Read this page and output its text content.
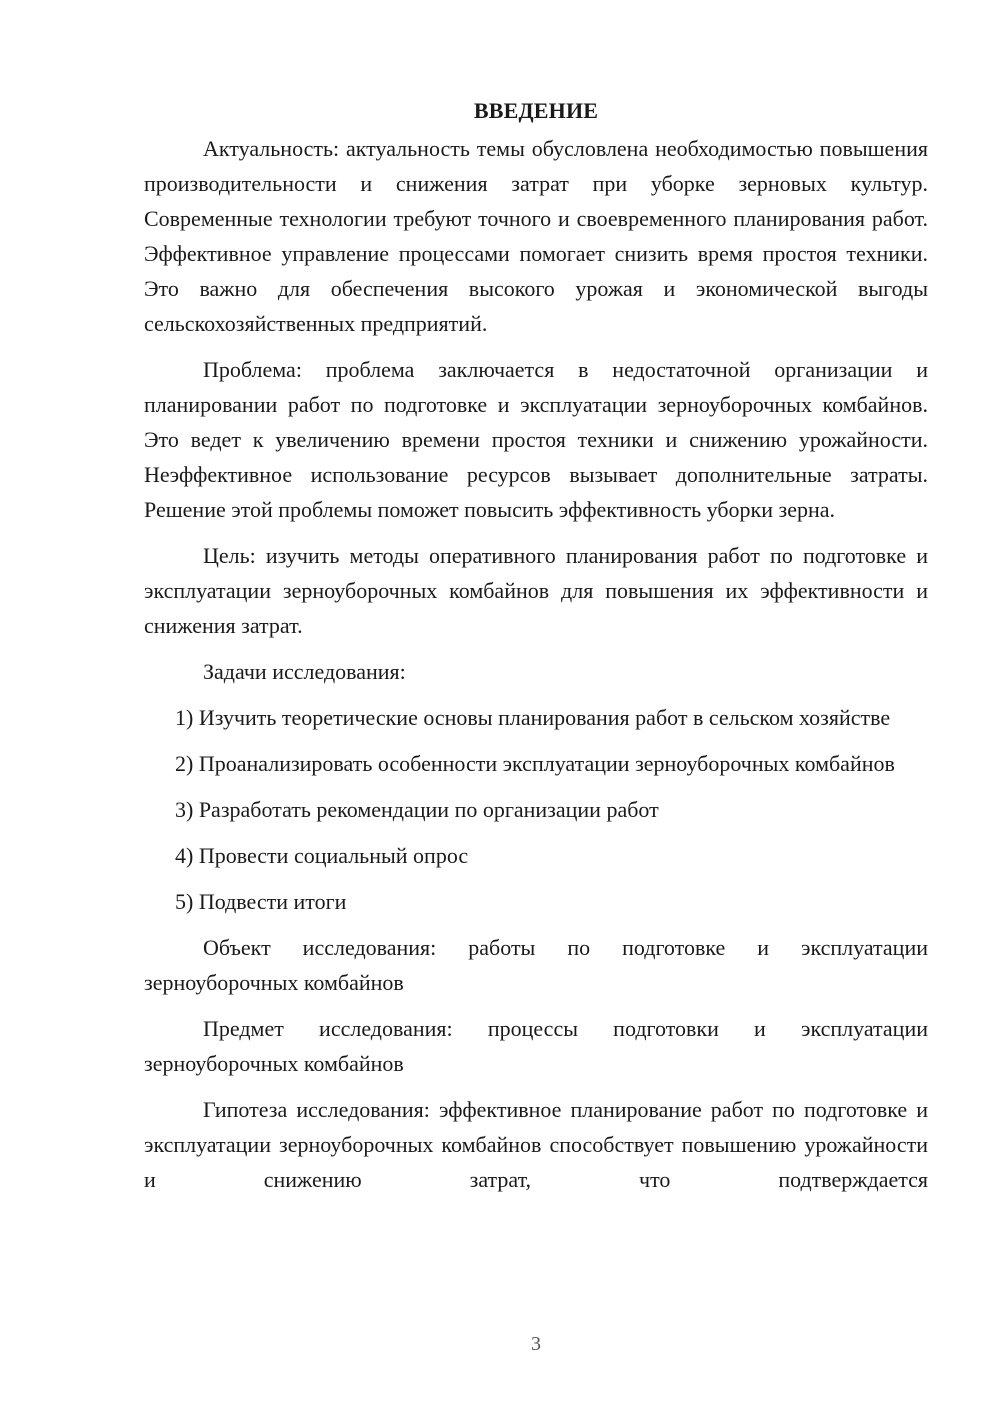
ВВЕДЕНИЕ

Актуальность: актуальность темы обусловлена необходимостью повышения производительности и снижения затрат при уборке зерновых культур. Современные технологии требуют точного и своевременного планирования работ. Эффективное управление процессами помогает снизить время простоя техники. Это важно для обеспечения высокого урожая и экономической выгоды сельскохозяйственных предприятий.

Проблема: проблема заключается в недостаточной организации и планировании работ по подготовке и эксплуатации зерноуборочных комбайнов. Это ведет к увеличению времени простоя техники и снижению урожайности. Неэффективное использование ресурсов вызывает дополнительные затраты. Решение этой проблемы поможет повысить эффективность уборки зерна.

Цель: изучить методы оперативного планирования работ по подготовке и эксплуатации зерноуборочных комбайнов для повышения их эффективности и снижения затрат.

Задачи исследования:

1) Изучить теоретические основы планирования работ в сельском хозяйстве

2) Проанализировать особенности эксплуатации зерноуборочных комбайнов

3) Разработать рекомендации по организации работ

4) Провести социальный опрос

5) Подвести итоги

Объект исследования: работы по подготовке и эксплуатации зерноуборочных комбайнов

Предмет исследования: процессы подготовки и эксплуатации зерноуборочных комбайнов

Гипотеза исследования: эффективное планирование работ по подготовке и эксплуатации зерноуборочных комбайнов способствует повышению урожайности и снижению затрат, что подтверждается

3
